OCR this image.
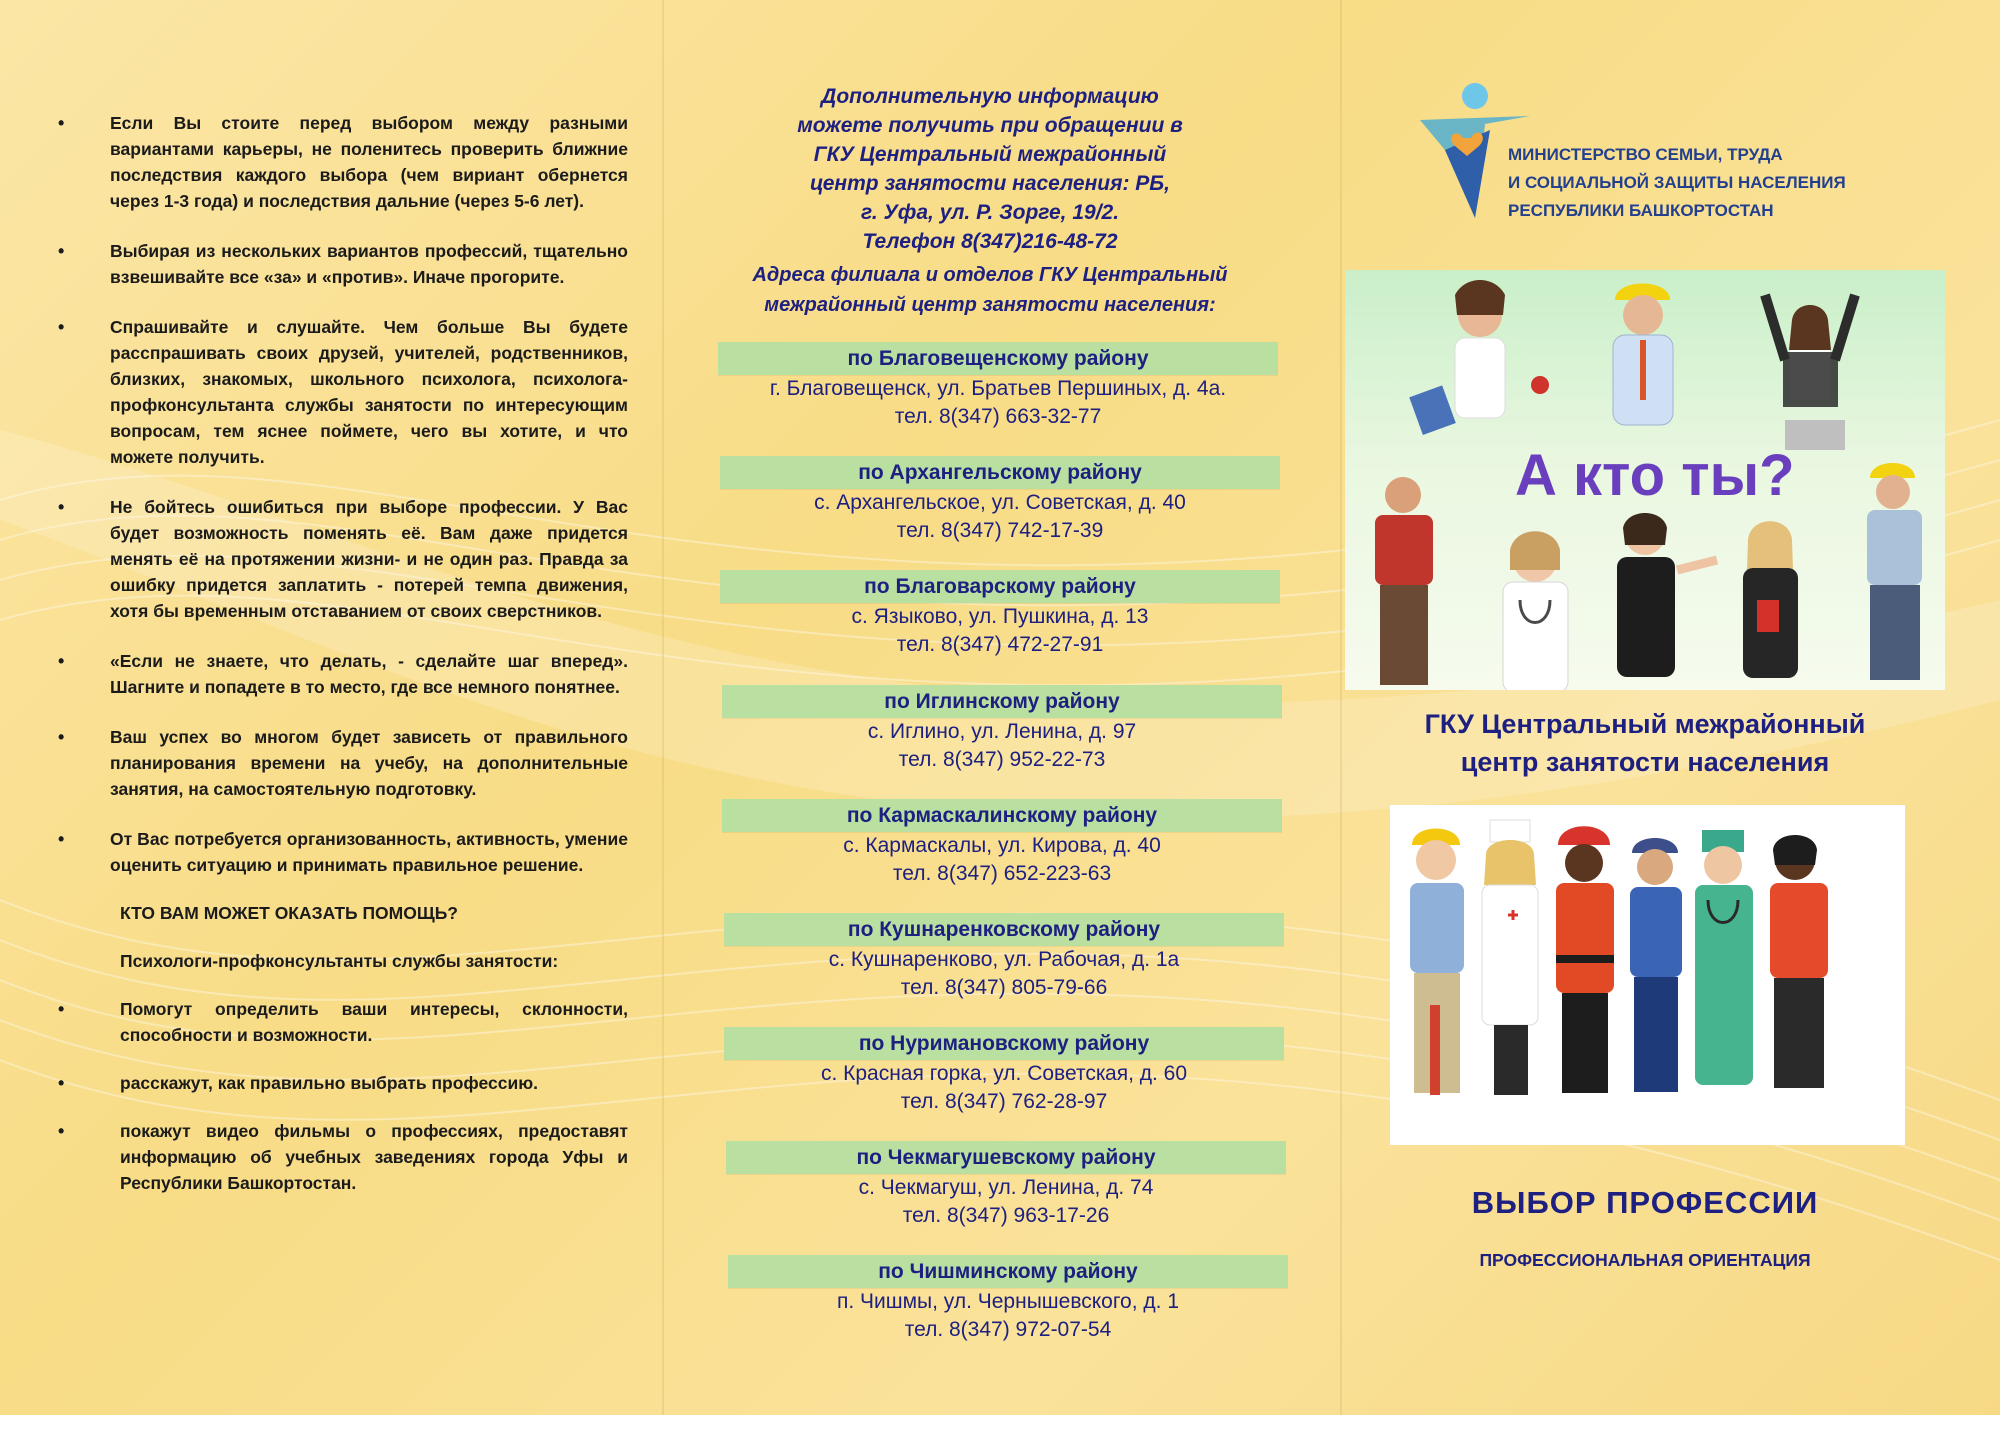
•	Если Вы стоите перед выбором между разными вариантами карьеры, не поленитесь проверить ближние последствия каждого выбора (чем вириант обернется через 1-3 года) и последствия дальние (через 5-6 лет).
•	Выбирая из нескольких вариантов профессий, тщательно взвешивайте все «за» и «против». Иначе прогорите.
•	Спрашивайте и слушайте. Чем больше Вы будете расспрашивать своих друзей, учителей, родственников, близких, знакомых, школьного психолога, психолога-профконсультанта службы занятости по интересующим вопросам, тем яснее поймете, чего вы хотите, и что можете получить.
•	Не бойтесь ошибиться при выборе профессии. У Вас будет возможность поменять её. Вам даже придется менять её на протяжении жизни- и не один раз. Правда за ошибку придется заплатить - потерей темпа движения, хотя бы временным отставанием от своих сверстников.
•	«Если не знаете, что делать, - сделайте шаг вперед». Шагните и попадете в то место, где все немного понятнее.
•	Ваш успех во многом будет зависеть от правильного планирования времени на учебу, на дополнительные занятия, на самостоятельную подготовку.
•	От Вас потребуется организованность, активность, умение оценить ситуацию и принимать правильное решение.
КТО ВАМ МОЖЕТ ОКАЗАТЬ ПОМОЩЬ?
Психологи-профконсультанты службы занятости:
•	Помогут определить ваши интересы, склонности, способности и возможности.
•	расскажут, как правильно выбрать профессию.
•	покажут видео фильмы о профессиях, предоставят информацию об учебных заведениях города Уфы и Республики Башкортостан.
Дополнительную информацию
можете получить при обращении в
ГКУ Центральный межрайонный
центр занятости населения: РБ,
г. Уфа, ул. Р. Зорге, 19/2.
Телефон 8(347)216-48-72
Адреса филиала и отделов ГКУ Центральный
межрайонный центр занятости населения:
по Благовещенскому району
г. Благовещенск, ул. Братьев Першиных, д. 4а.
тел. 8(347) 663-32-77
по Архангельскому району
с. Архангельское, ул. Советская, д. 40
тел. 8(347) 742-17-39
по Благоварскому району
с. Языково, ул. Пушкина, д. 13
тел. 8(347) 472-27-91
по Иглинскому району
с. Иглино, ул. Ленина, д. 97
тел. 8(347) 952-22-73
по Кармаскалинскому району
с. Кармаскалы, ул. Кирова, д. 40
тел. 8(347) 652-223-63
по Кушнаренковскому району
с. Кушнаренково, ул. Рабочая, д. 1а
тел. 8(347) 805-79-66
по Нуримановскому району
с. Красная горка, ул. Советскaя, д. 60
тел. 8(347) 762-28-97
по Чекмагушевскому району
с. Чекмагуш, ул. Ленина, д. 74
тел. 8(347) 963-17-26
по Чишминскому району
п. Чишмы, ул. Чернышевского, д. 1
тел. 8(347) 972-07-54
МИНИСТЕРСТВО СЕМЬИ, ТРУДА
И СОЦИАЛЬНОЙ ЗАЩИТЫ НАСЕЛЕНИЯ
РЕСПУБЛИКИ БАШКОРТОСТАН
А кто ты?
ГКУ Центральный межрайонный
центр занятости населения
ВЫБОР ПРОФЕССИИ
ПРОФЕССИОНАЛЬНАЯ ОРИЕНТАЦИЯ
